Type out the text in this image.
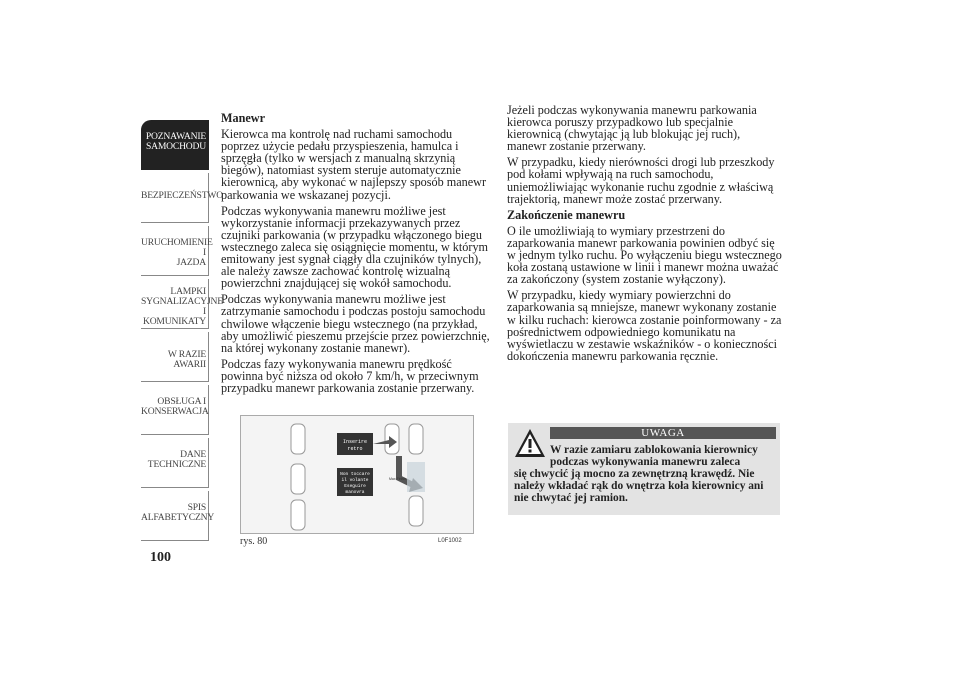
POZNAWANIE
SAMOCHODU
BEZPIECZEŃSTWO
URUCHOMIENIE I
JAZDA
LAMPKI
SYGNALIZACYJNE
I KOMUNIKATY
W RAZIE AWARII
OBSŁUGA I
KONSERWACJA
DANE
TECHNICZNE
SPIS
ALFABETYCZNY
100
Manewr

Kierowca ma kontrolę nad ruchami samochodu poprzez użycie pedału przyspieszenia, hamulca i sprzęgła (tylko w wersjach z manualną skrzynią biegów), natomiast system steruje automatycznie kierownicą, aby wykonać w najlepszy sposób manewr parkowania we wskazanej pozycji.

Podczas wykonywania manewru możliwe jest wykorzystanie informacji przekazywanych przez czujniki parkowania (w przypadku włączonego biegu wstecznego zaleca się osiągnięcie momentu, w którym emitowany jest sygnał ciągły dla czujników tylnych), ale należy zawsze zachować kontrolę wizualną powierzchni znajdującej się wokół samochodu.

Podczas wykonywania manewru możliwe jest zatrzymanie samochodu i podczas postoju samochodu chwilowe włączenie biegu wstecznego (na przykład, aby umożliwić pieszemu przejście przez powierzchnię, na której wykonany zostanie manewr).

Podczas fazy wykonywania manewru prędkość powinna być niższa od około 7 km/h, w przeciwnym przypadku manewr parkowania zostanie przerwany.

Inserire
retro
Non toccare
il volante
Eseguire
manovra
Max Finish
rys. 80	L0F1002

Jeżeli podczas wykonywania manewru parkowania kierowca poruszy przypadkowo lub specjalnie kierownicą (chwytając ją lub blokując jej ruch), manewr zostanie przerwany.

W przypadku, kiedy nierówności drogi lub przeszkody pod kołami wpływają na ruch samochodu, uniemożliwiając wykonanie ruchu zgodnie z właściwą trajektorią, manewr może zostać przerwany.

Zakończenie manewru

O ile umożliwiają to wymiary przestrzeni do zaparkowania manewr parkowania powinien odbyć się w jednym tylko ruchu. Po wyłączeniu biegu wstecznego koła zostaną ustawione w linii i manewr można uważać za zakończony (system zostanie wyłączony).

W przypadku, kiedy wymiary powierzchni do zaparkowania są mniejsze, manewr wykonany zostanie w kilku ruchach: kierowca zostanie poinformowany - za pośrednictwem odpowiedniego komunikatu na wyświetlaczu w zestawie wskaźników - o konieczności dokończenia manewru parkowania ręcznie.

UWAGA
W razie zamiaru zablokowania kierownicy podczas wykonywania manewru zaleca
się chwycić ją mocno za zewnętrzną krawędź. Nie należy wkładać rąk do wnętrza koła kierownicy ani nie chwytać jej ramion.
